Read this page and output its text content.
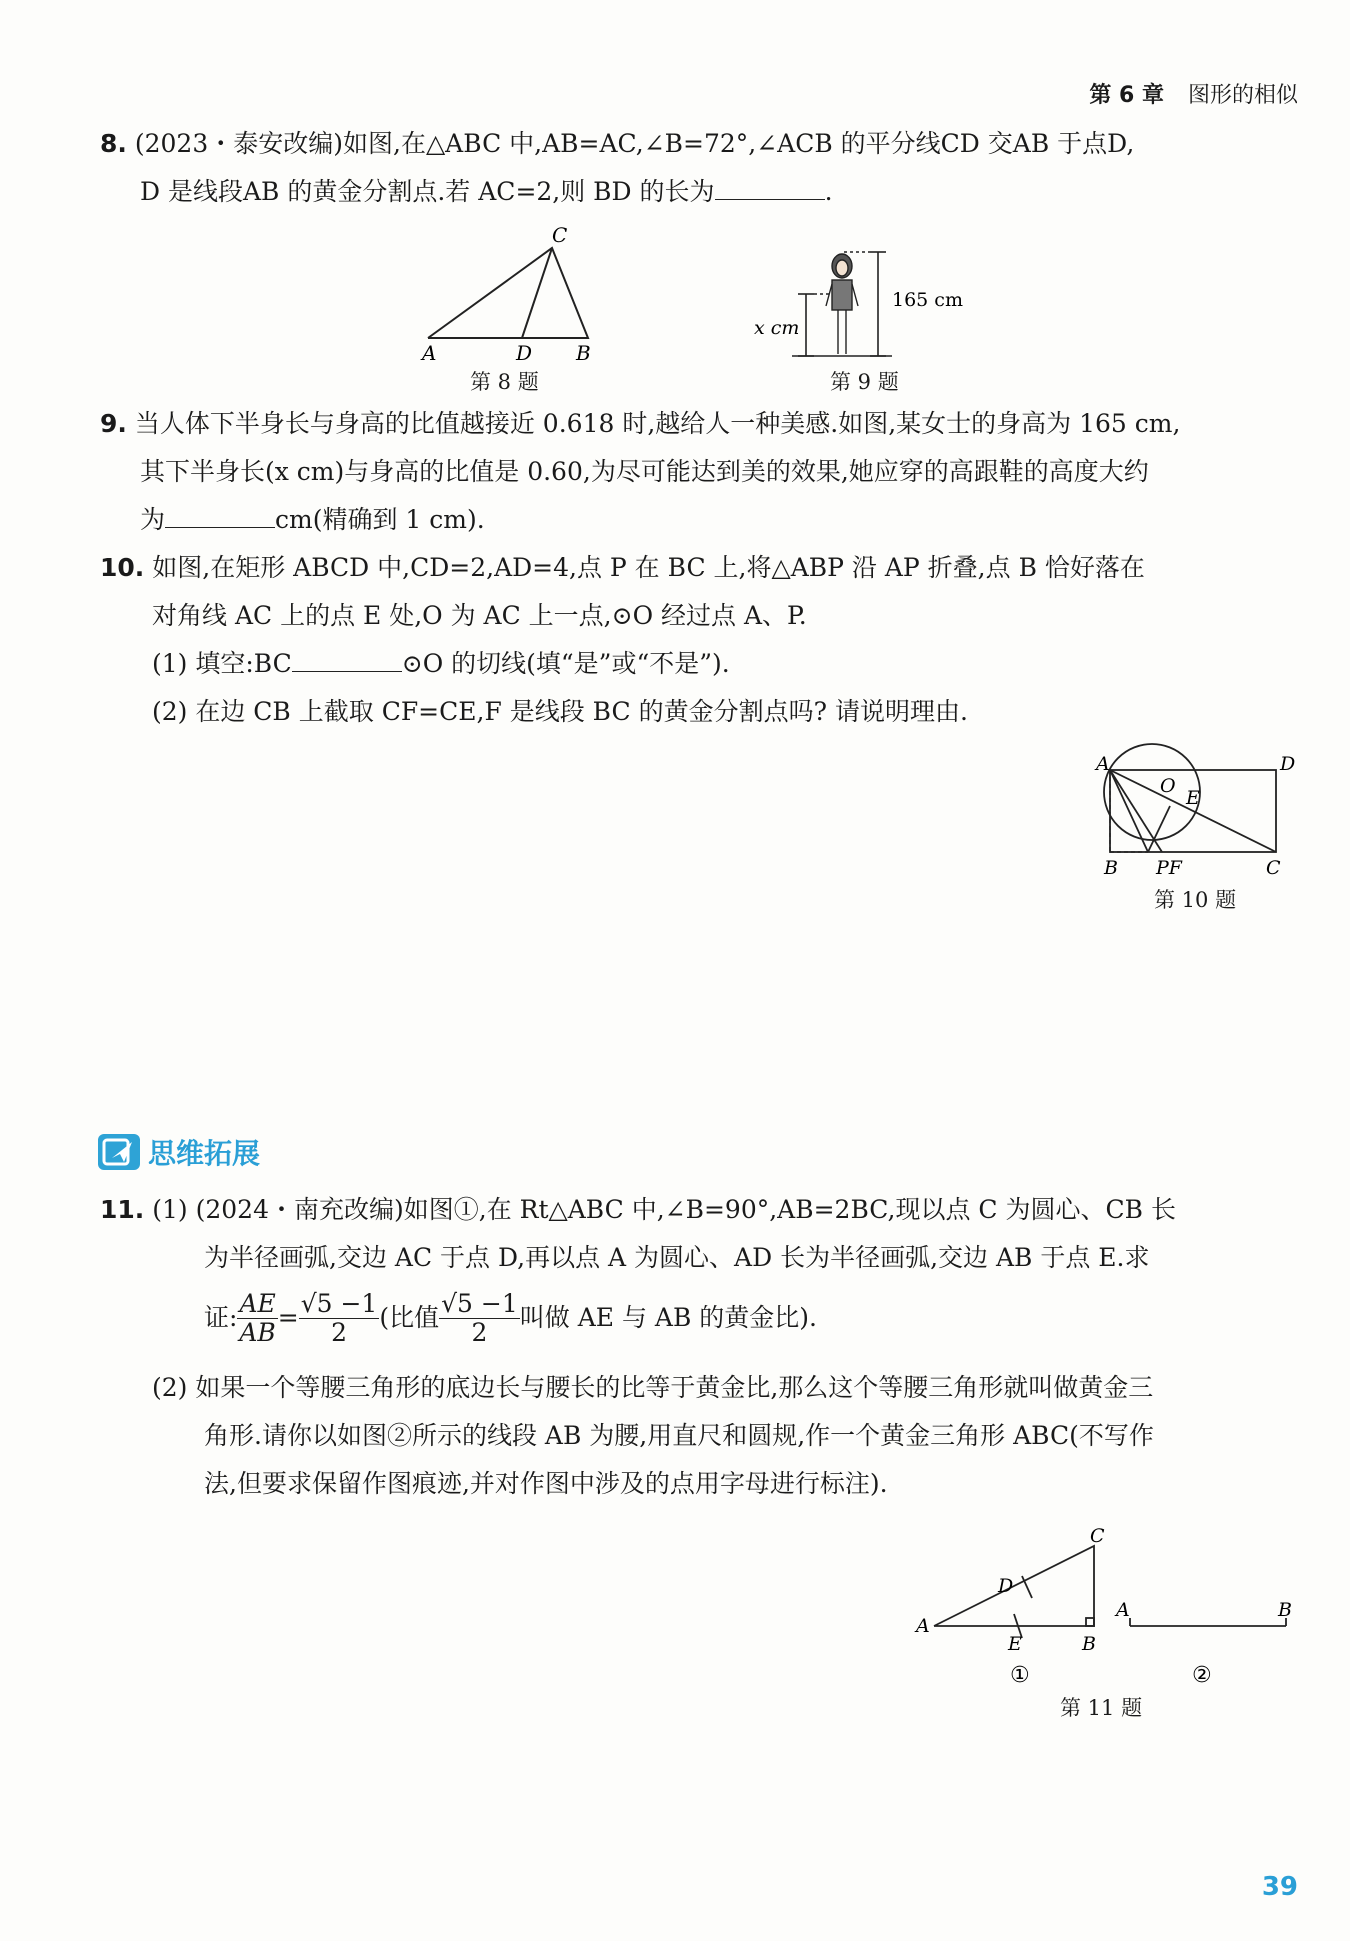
第 6 章 图形的相似
8. (2023・泰安改编)如图,在△ABC 中,AB=AC,∠B=72°,∠ACB 的平分线CD 交AB 于点D,
D 是线段AB 的黄金分割点.若 AC=2,则 BD 的长为	.
C
A	D B
第 8 题
165 cm
x cm
第 9 题
9. 当人体下半身长与身高的比值越接近 0.618 时,越给人一种美感.如图,某女士的身高为 165 cm,
其下半身长(x cm)与身高的比值是 0.60,为尽可能达到美的效果,她应穿的高跟鞋的高度大约
为	cm(精确到 1 cm).
10. 如图,在矩形 ABCD 中,CD=2,AD=4,点 P 在 BC 上,将△ABP 沿 AP 折叠,点 B 恰好落在
对角线 AC 上的点 E 处,O 为 AC 上一点,⊙O 经过点 A、P.
(1) 填空:BC	⊙O 的切线(填“是”或“不是”).
(2) 在边 CB 上截取 CF=CE,F 是线段 BC 的黄金分割点吗? 请说明理由.
A	D
O
E
B PF	C
第 10 题
思维拓展
11. (1) (2024・南充改编)如图①,在 Rt△ABC 中,∠B=90°,AB=2BC,现以点 C 为圆心、CB 长
为半径画弧,交边 AC 于点 D,再以点 A 为圆心、AD 长为半径画弧,交边 AB 于点 E.求
证: $\frac{AE}{AB} = \frac{√5 -1}{2}$ (比值 $\frac{√5 -1}{2}$ 叫做 AE 与 AB 的黄金比).
(2) 如果一个等腰三角形的底边长与腰长的比等于黄金比,那么这个等腰三角形就叫做黄金三
角形.请你以如图②所示的线段 AB 为腰,用直尺和圆规,作一个黄金三角形 ABC(不写作
法,但要求保留作图痕迹,并对作图中涉及的点用字母进行标注).
C
D
A
E	B
①
A	B
②
第 11 题
39
